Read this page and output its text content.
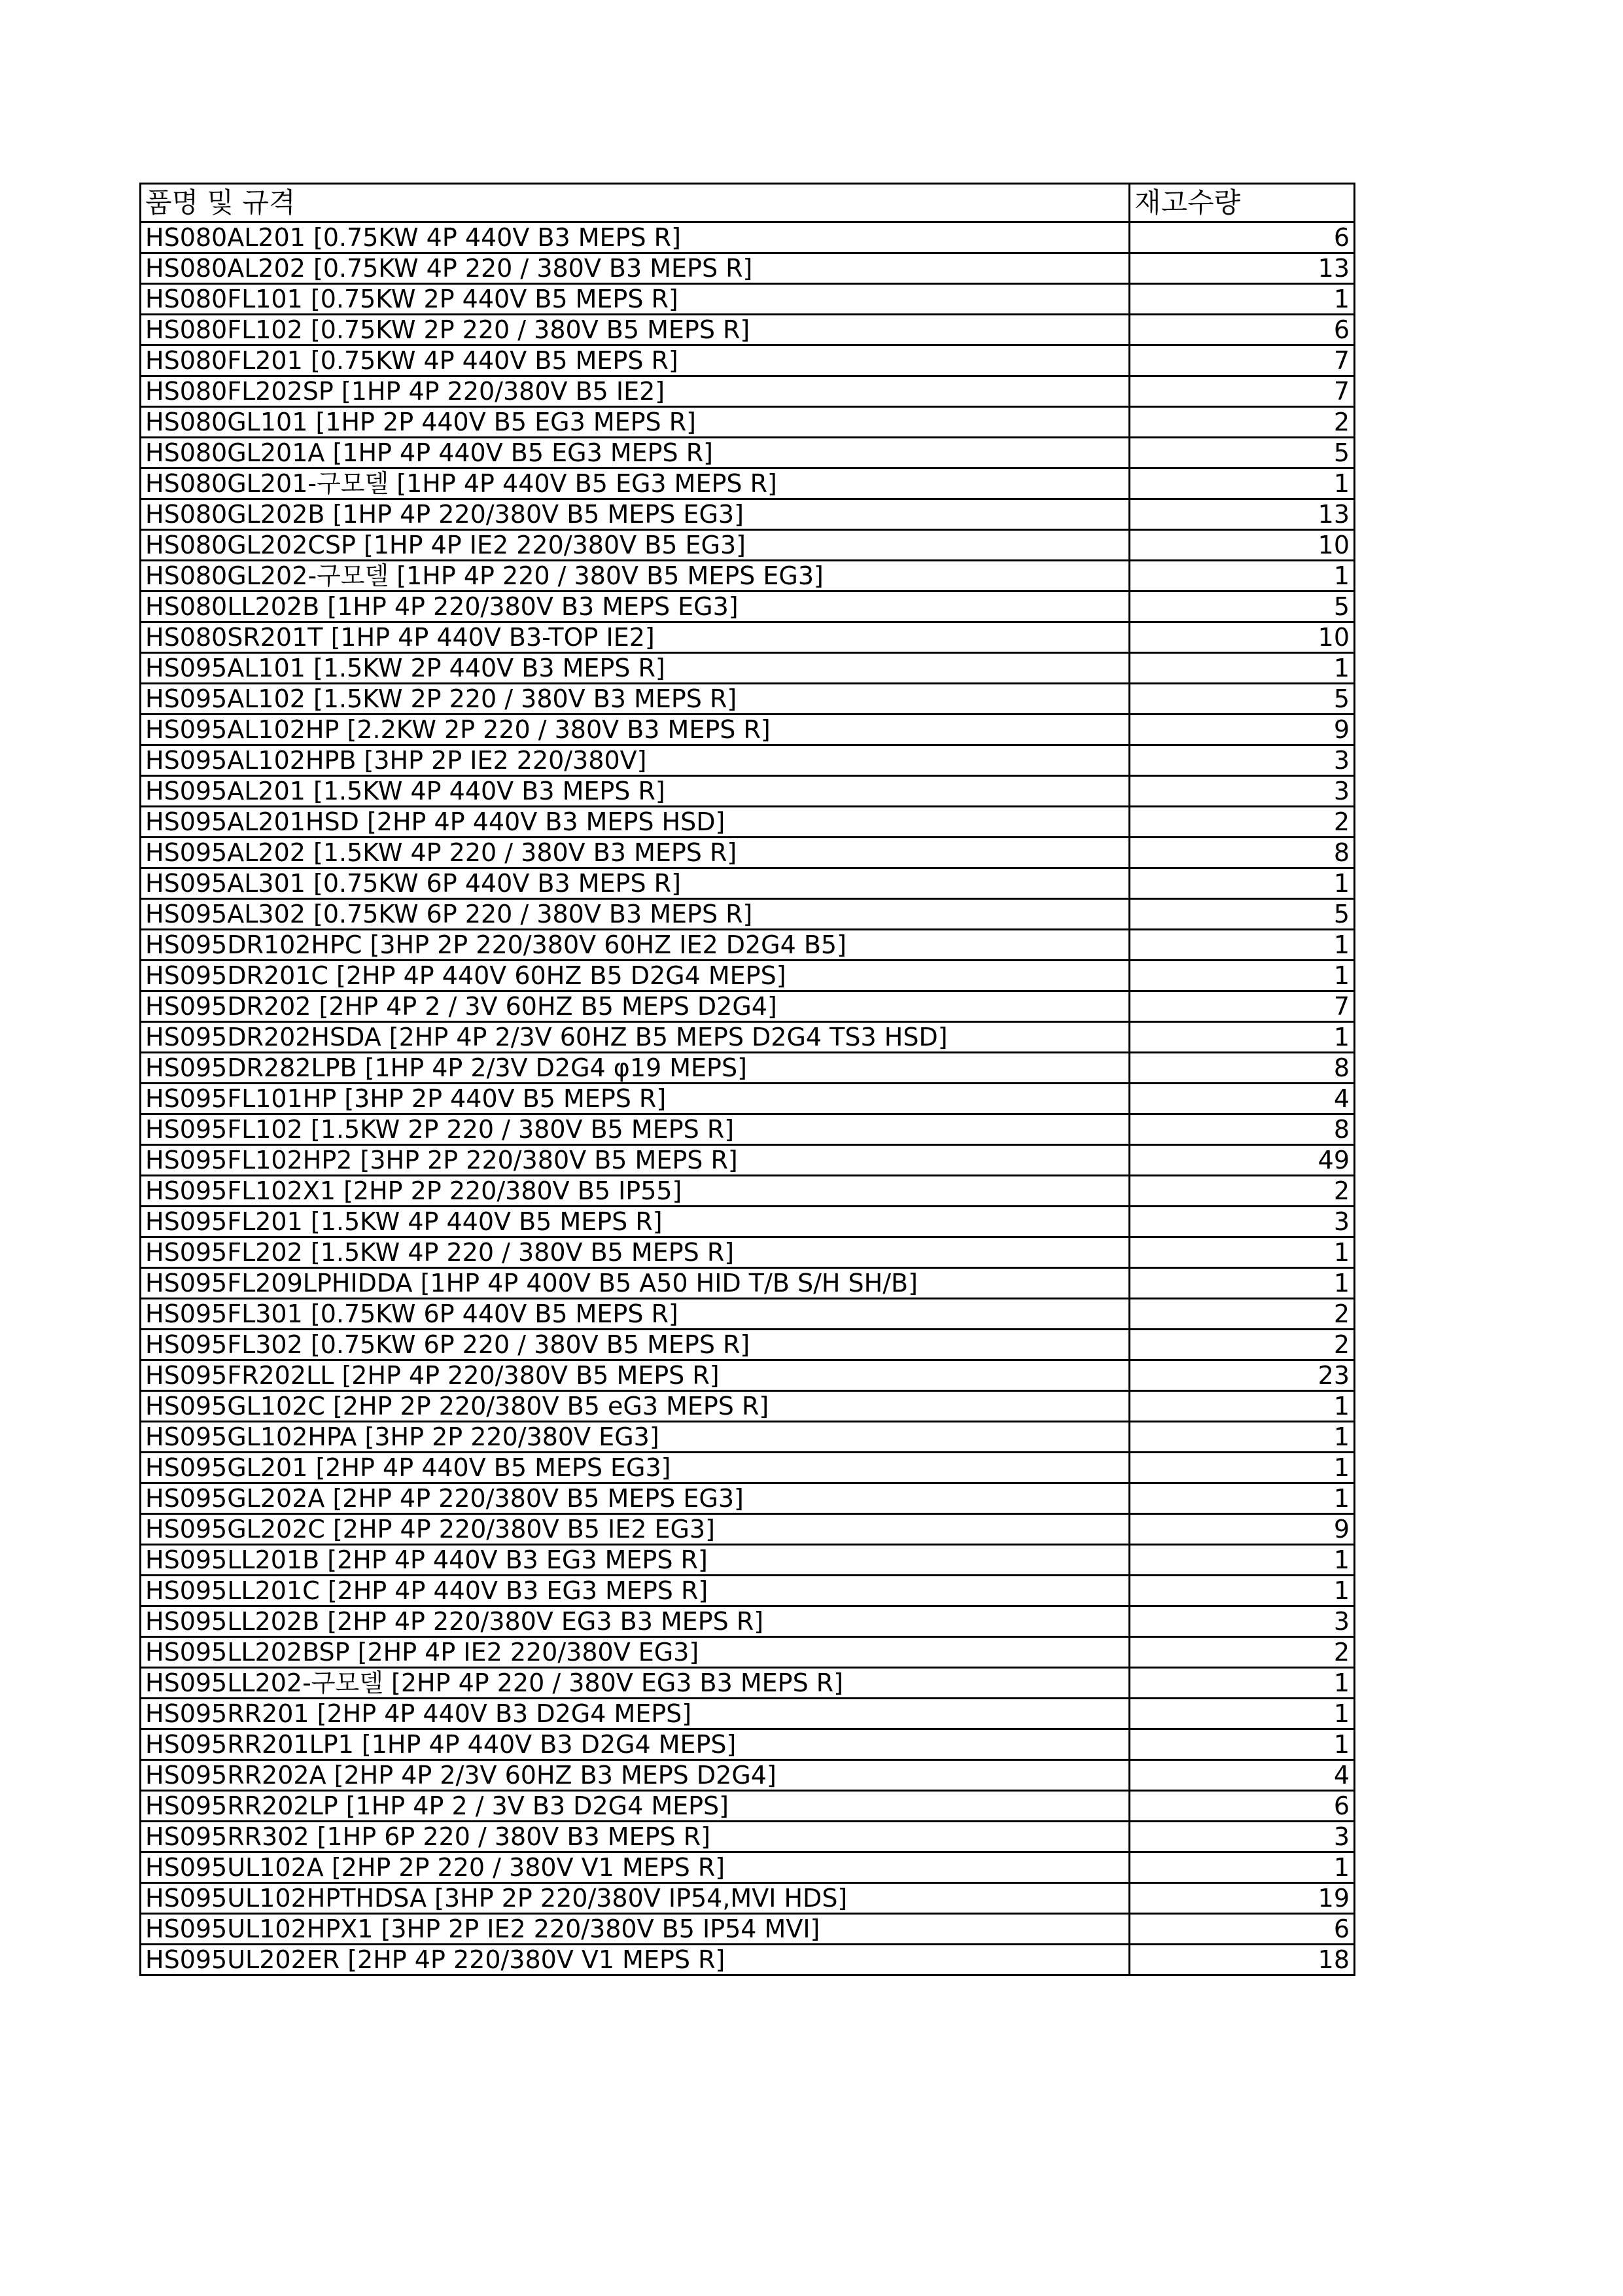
품명 및 규격	재고수량
HS080AL201 [0.75KW 4P 440V B3 MEPS R]	6
HS080AL202 [0.75KW 4P 220 / 380V B3 MEPS R]	13
HS080FL101 [0.75KW 2P 440V B5 MEPS R]	1
HS080FL102 [0.75KW 2P 220 / 380V B5 MEPS R]	6
HS080FL201 [0.75KW 4P 440V B5 MEPS R]	7
HS080FL202SP [1HP 4P 220/380V B5 IE2]	7
HS080GL101 [1HP 2P 440V B5 EG3 MEPS R]	2
HS080GL201A [1HP 4P 440V B5 EG3 MEPS R]	5
HS080GL201-구모델 [1HP 4P 440V B5 EG3 MEPS R]	1
HS080GL202B [1HP 4P 220/380V B5 MEPS EG3]	13
HS080GL202CSP [1HP 4P IE2 220/380V B5 EG3]	10
HS080GL202-구모델 [1HP 4P 220 / 380V B5 MEPS EG3]	1
HS080LL202B [1HP 4P 220/380V B3 MEPS EG3]	5
HS080SR201T [1HP 4P 440V B3-TOP IE2]	10
HS095AL101 [1.5KW 2P 440V B3 MEPS R]	1
HS095AL102 [1.5KW 2P 220 / 380V B3 MEPS R]	5
HS095AL102HP [2.2KW 2P 220 / 380V B3 MEPS R]	9
HS095AL102HPB [3HP 2P IE2 220/380V]	3
HS095AL201 [1.5KW 4P 440V B3 MEPS R]	3
HS095AL201HSD [2HP 4P 440V B3 MEPS HSD]	2
HS095AL202 [1.5KW 4P 220 / 380V B3 MEPS R]	8
HS095AL301 [0.75KW 6P 440V B3 MEPS R]	1
HS095AL302 [0.75KW 6P 220 / 380V B3 MEPS R]	5
HS095DR102HPC [3HP 2P 220/380V 60HZ IE2 D2G4 B5]	1
HS095DR201C [2HP 4P 440V 60HZ B5 D2G4 MEPS]	1
HS095DR202 [2HP 4P 2 / 3V 60HZ B5 MEPS D2G4]	7
HS095DR202HSDA [2HP 4P 2/3V 60HZ B5 MEPS D2G4 TS3 HSD]	1
HS095DR282LPB [1HP 4P 2/3V D2G4 φ19 MEPS]	8
HS095FL101HP [3HP 2P 440V B5 MEPS R]	4
HS095FL102 [1.5KW 2P 220 / 380V B5 MEPS R]	8
HS095FL102HP2 [3HP 2P 220/380V B5 MEPS R]	49
HS095FL102X1 [2HP 2P 220/380V B5 IP55]	2
HS095FL201 [1.5KW 4P 440V B5 MEPS R]	3
HS095FL202 [1.5KW 4P 220 / 380V B5 MEPS R]	1
HS095FL209LPHIDDA [1HP 4P 400V B5 A50 HID T/B S/H SH/B]	1
HS095FL301 [0.75KW 6P 440V B5 MEPS R]	2
HS095FL302 [0.75KW 6P 220 / 380V B5 MEPS R]	2
HS095FR202LL [2HP 4P 220/380V B5 MEPS R]	23
HS095GL102C [2HP 2P 220/380V B5 eG3 MEPS R]	1
HS095GL102HPA [3HP 2P 220/380V EG3]	1
HS095GL201 [2HP 4P 440V B5 MEPS EG3]	1
HS095GL202A [2HP 4P 220/380V B5 MEPS EG3]	1
HS095GL202C [2HP 4P 220/380V B5 IE2 EG3]	9
HS095LL201B [2HP 4P 440V B3 EG3 MEPS R]	1
HS095LL201C [2HP 4P 440V B3 EG3 MEPS R]	1
HS095LL202B [2HP 4P 220/380V EG3 B3 MEPS R]	3
HS095LL202BSP [2HP 4P IE2 220/380V EG3]	2
HS095LL202-구모델 [2HP 4P 220 / 380V EG3 B3 MEPS R]	1
HS095RR201 [2HP 4P 440V B3 D2G4 MEPS]	1
HS095RR201LP1 [1HP 4P 440V B3 D2G4 MEPS]	1
HS095RR202A [2HP 4P 2/3V 60HZ B3 MEPS D2G4]	4
HS095RR202LP [1HP 4P 2 / 3V B3 D2G4 MEPS]	6
HS095RR302 [1HP 6P 220 / 380V B3 MEPS R]	3
HS095UL102A [2HP 2P 220 / 380V V1 MEPS R]	1
HS095UL102HPTHDSA [3HP 2P 220/380V IP54,MVI HDS]	19
HS095UL102HPX1 [3HP 2P IE2 220/380V B5 IP54 MVI]	6
HS095UL202ER [2HP 4P 220/380V V1 MEPS R]	18
